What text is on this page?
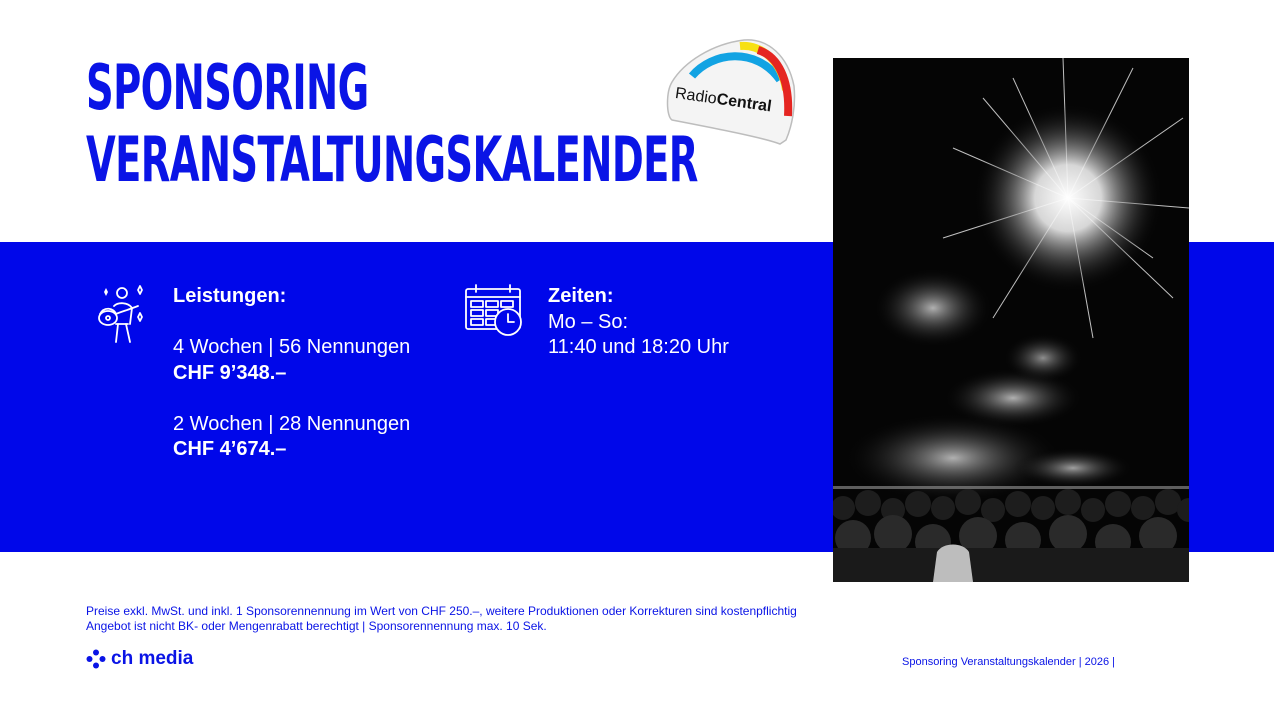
SPONSORING
VERANSTALTUNGSKALENDER
Radio
Central
Leistungen:
4 Wochen | 56 Nennungen
CHF 9’348.–
2 Wochen | 28 Nennungen
CHF 4’674.–
Zeiten:
Mo – So:
11:40 und 18:20 Uhr
Preise exkl. MwSt. und inkl. 1 Sponsorennennung im Wert von CHF 250.–, weitere Produktionen oder Korrekturen sind kostenpflichtig
Angebot ist nicht BK- oder Mengenrabatt berechtigt | Sponsorennennung max. 10 Sek.
ch media	Sponsoring Veranstaltungskalender | 2026 |
